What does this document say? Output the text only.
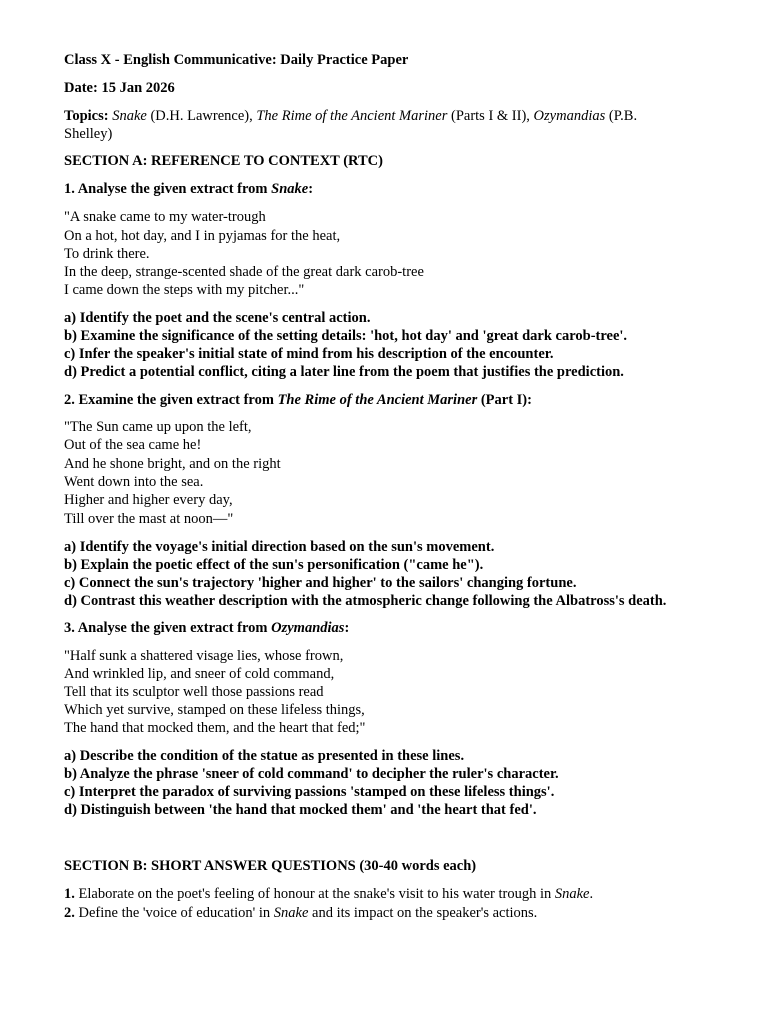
Class X - English Communicative: Daily Practice Paper
Date: 15 Jan 2026
Topics: Snake (D.H. Lawrence), The Rime of the Ancient Mariner (Parts I & II), Ozymandias (P.B.
Shelley)
SECTION A: REFERENCE TO CONTEXT (RTC)
1. Analyse the given extract from Snake:
"A snake came to my water-trough
On a hot, hot day, and I in pyjamas for the heat,
To drink there.
In the deep, strange-scented shade of the great dark carob-tree
I came down the steps with my pitcher..."
a) Identify the poet and the scene's central action.
b) Examine the significance of the setting details: 'hot, hot day' and 'great dark carob-tree'.
c) Infer the speaker's initial state of mind from his description of the encounter.
d) Predict a potential conflict, citing a later line from the poem that justifies the prediction.
2. Examine the given extract from The Rime of the Ancient Mariner (Part I):
"The Sun came up upon the left,
Out of the sea came he!
And he shone bright, and on the right
Went down into the sea.
Higher and higher every day,
Till over the mast at noon—"
a) Identify the voyage's initial direction based on the sun's movement.
b) Explain the poetic effect of the sun's personification ("came he").
c) Connect the sun's trajectory 'higher and higher' to the sailors' changing fortune.
d) Contrast this weather description with the atmospheric change following the Albatross's death.
3. Analyse the given extract from Ozymandias:
"Half sunk a shattered visage lies, whose frown,
And wrinkled lip, and sneer of cold command,
Tell that its sculptor well those passions read
Which yet survive, stamped on these lifeless things,
The hand that mocked them, and the heart that fed;"
a) Describe the condition of the statue as presented in these lines.
b) Analyze the phrase 'sneer of cold command' to decipher the ruler's character.
c) Interpret the paradox of surviving passions 'stamped on these lifeless things'.
d) Distinguish between 'the hand that mocked them' and 'the heart that fed'.
SECTION B: SHORT ANSWER QUESTIONS (30-40 words each)
1. Elaborate on the poet's feeling of honour at the snake's visit to his water trough in Snake.
2. Define the 'voice of education' in Snake and its impact on the speaker's actions.
